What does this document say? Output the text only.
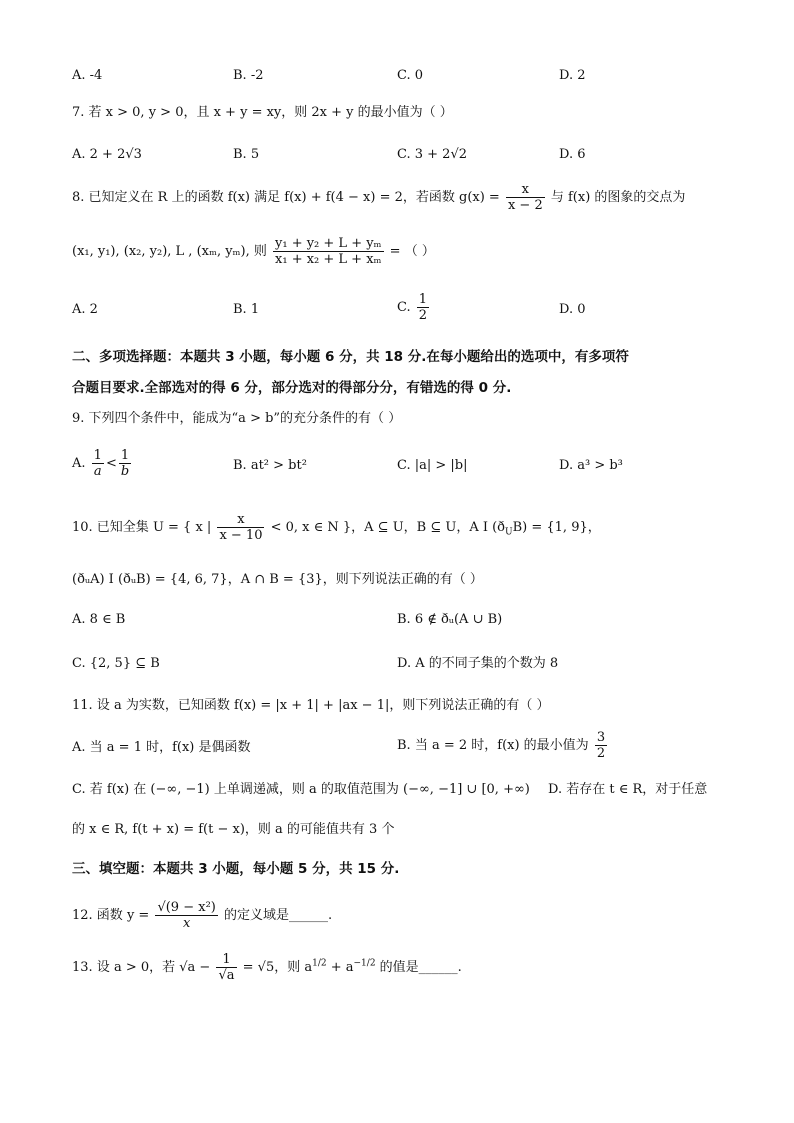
A. -4	B. -2	C. 0	D. 2
7. 若 x > 0, y > 0，且 x + y = xy，则 2x + y 的最小值为（ ）
A. 2 + 2√3	B. 5	C. 3 + 2√2	D. 6
8. 已知定义在 R 上的函数 f(x) 满足 f(x) + f(4 − x) = 2，若函数 $g(x) = \frac{x}{x - 2}$ 与 f(x) 的图象的交点为
(x₁, y₁), (x₂, y₂), L , (xₘ, yₘ), 则 $\frac{\text{y₁ + y₂ + L + yₘ}}{\text{x₁ + x₂ + L + xₘ}}$ = （ ）
A. 2	B. 1	C. $\frac{1}{2}$	D. 0
二、多项选择题：本题共 3 小题，每小题 6 分，共 18 分.在每小题给出的选项中，有多项符
合题目要求.全部选对的得 6 分，部分选对的得部分分，有错选的得 0 分.
9. 下列四个条件中，能成为“a > b”的充分条件的有（ ）
A. $\frac{1}{a} < \frac{1}{b}$	B. at² > bt²	C. |a| > |b|	D. a³ > b³
10. 已知全集 U = { x | $\frac{x}{x - 10} < 0$, x ∈ N }，A ⊆ U，B ⊆ U，A I $(ð_UB) = \{1$, 9}，
(ðᵤA) I (ðᵤB) = {4, 6, 7}，A ∩ B = {3}，则下列说法正确的有（ ）
A. 8 ∈ B	B. 6 ∉ ðᵤ(A ∪ B)
C. {2, 5} ⊆ B	D. A 的不同子集的个数为 8
11. 设 a 为实数，已知函数 f(x) = |x + 1| + |ax − 1|，则下列说法正确的有（ ）
A. 当 a = 1 时，f(x) 是偶函数	B. 当 a = 2 时，f(x) 的最小值为 $\frac{3}{2}$
C. 若 f(x) 在 (−∞, −1) 上单调递减，则 a 的取值范围为 (−∞, −1] ∪ [0, +∞) D. 若存在 t ∈ R，对于任意
的 x ∈ R, f(t + x) = f(t − x)，则 a 的可能值共有 3 个
三、填空题：本题共 3 小题，每小题 5 分，共 15 分.
12. 函数 $y = \frac{\text{√(9 − x²)}}{x}$ 的定义域是______.
13. 设 a > 0，若 $√a - \frac{1}{√a} = √5$，则 $a^{1/2} + a^{-1/2}$ 的值是______.
